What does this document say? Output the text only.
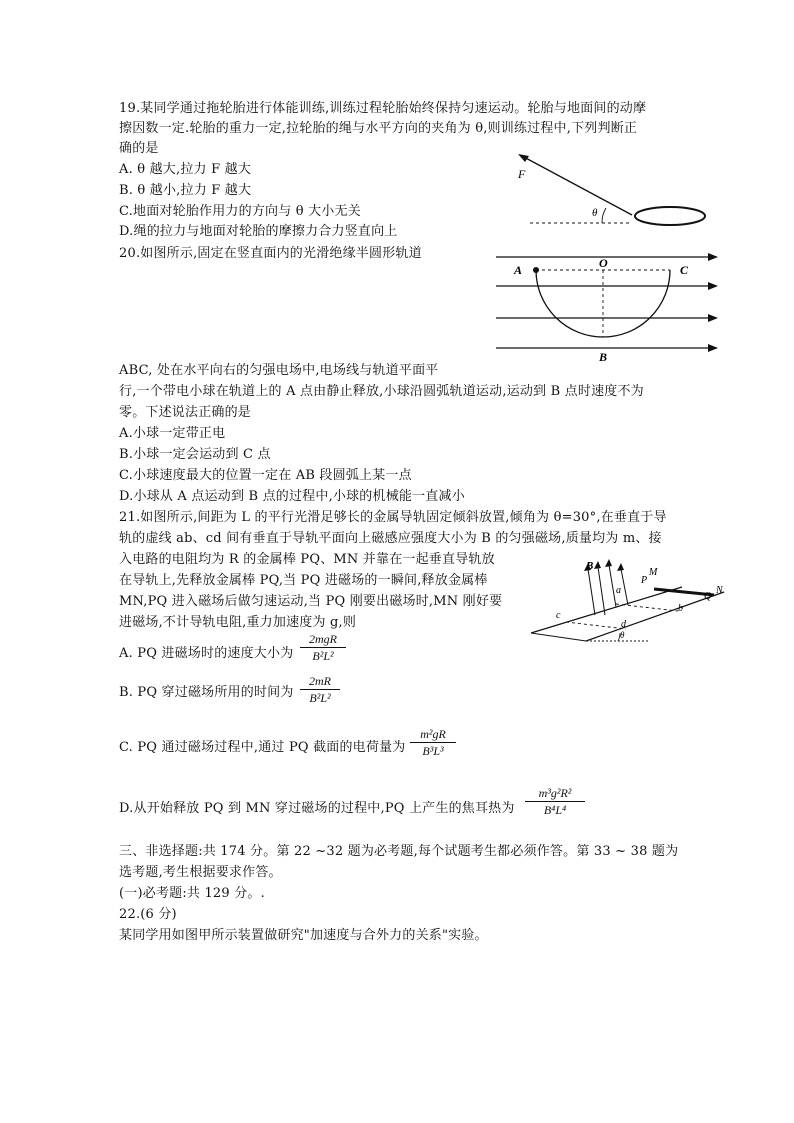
19.某同学通过拖轮胎进行体能训练,训练过程轮胎始终保持匀速运动。轮胎与地面间的动摩
擦因数一定.轮胎的重力一定,拉轮胎的绳与水平方向的夹角为 θ,则训练过程中,下列判断正
确的是
A. θ 越大,拉力 F 越大
B. θ 越小,拉力 F 越大
C.地面对轮胎作用力的方向与 θ 大小无关
D.绳的拉力与地面对轮胎的摩擦力合力竖直向上
F
θ
20.如图所示,固定在竖直面内的光滑绝缘半圆形轨道
A	O	C
B
ABC, 处在水平向右的匀强电场中,电场线与轨道平面平
行,一个带电小球在轨道上的 A 点由静止释放,小球沿圆弧轨道运动,运动到 B 点时速度不为
零。下述说法正确的是
A.小球一定带正电
B.小球一定会运动到 C 点
C.小球速度最大的位置一定在 AB 段圆弧上某一点
D.小球从 A 点运动到 B 点的过程中,小球的机械能一直减小
21.如图所示,间距为 L 的平行光滑足够长的金属导轨固定倾斜放置,倾角为 θ=30°,在垂直于导
轨的虚线 ab、cd 间有垂直于导轨平面向上磁感应强度大小为 B 的匀强磁场,质量均为 m、接
入电路的电阻均为 R 的金属棒 PQ、MN 并靠在一起垂直导轨放
在导轨上,先释放金属棒 PQ,当 PQ 进磁场的一瞬间,释放金属棒
MN,PQ 进入磁场后做匀速运动,当 PQ 刚要出磁场时,MN 刚好要
进磁场,不计导轨电阻,重力加速度为 g,则
B
P
M
Q
N
a
b
c
d
θ
A. PQ 进磁场时的速度大小为
2mgR
B²L²
B. PQ 穿过磁场所用的时间为
2mR
B²L²
C. PQ 通过磁场过程中,通过 PQ 截面的电荷量为
m²gR
B³L³
D.从开始释放 PQ 到 MN 穿过磁场的过程中,PQ 上产生的焦耳热为
m³g²R²
B⁴L⁴
三、非选择题:共 174 分。第 22 ~32 题为必考题,每个试题考生都必须作答。第 33 ~ 38 题为
选考题,考生根据要求作答。
(一)必考题:共 129 分。.
22.(6 分)
某同学用如图甲所示装置做研究"加速度与合外力的关系"实验。
